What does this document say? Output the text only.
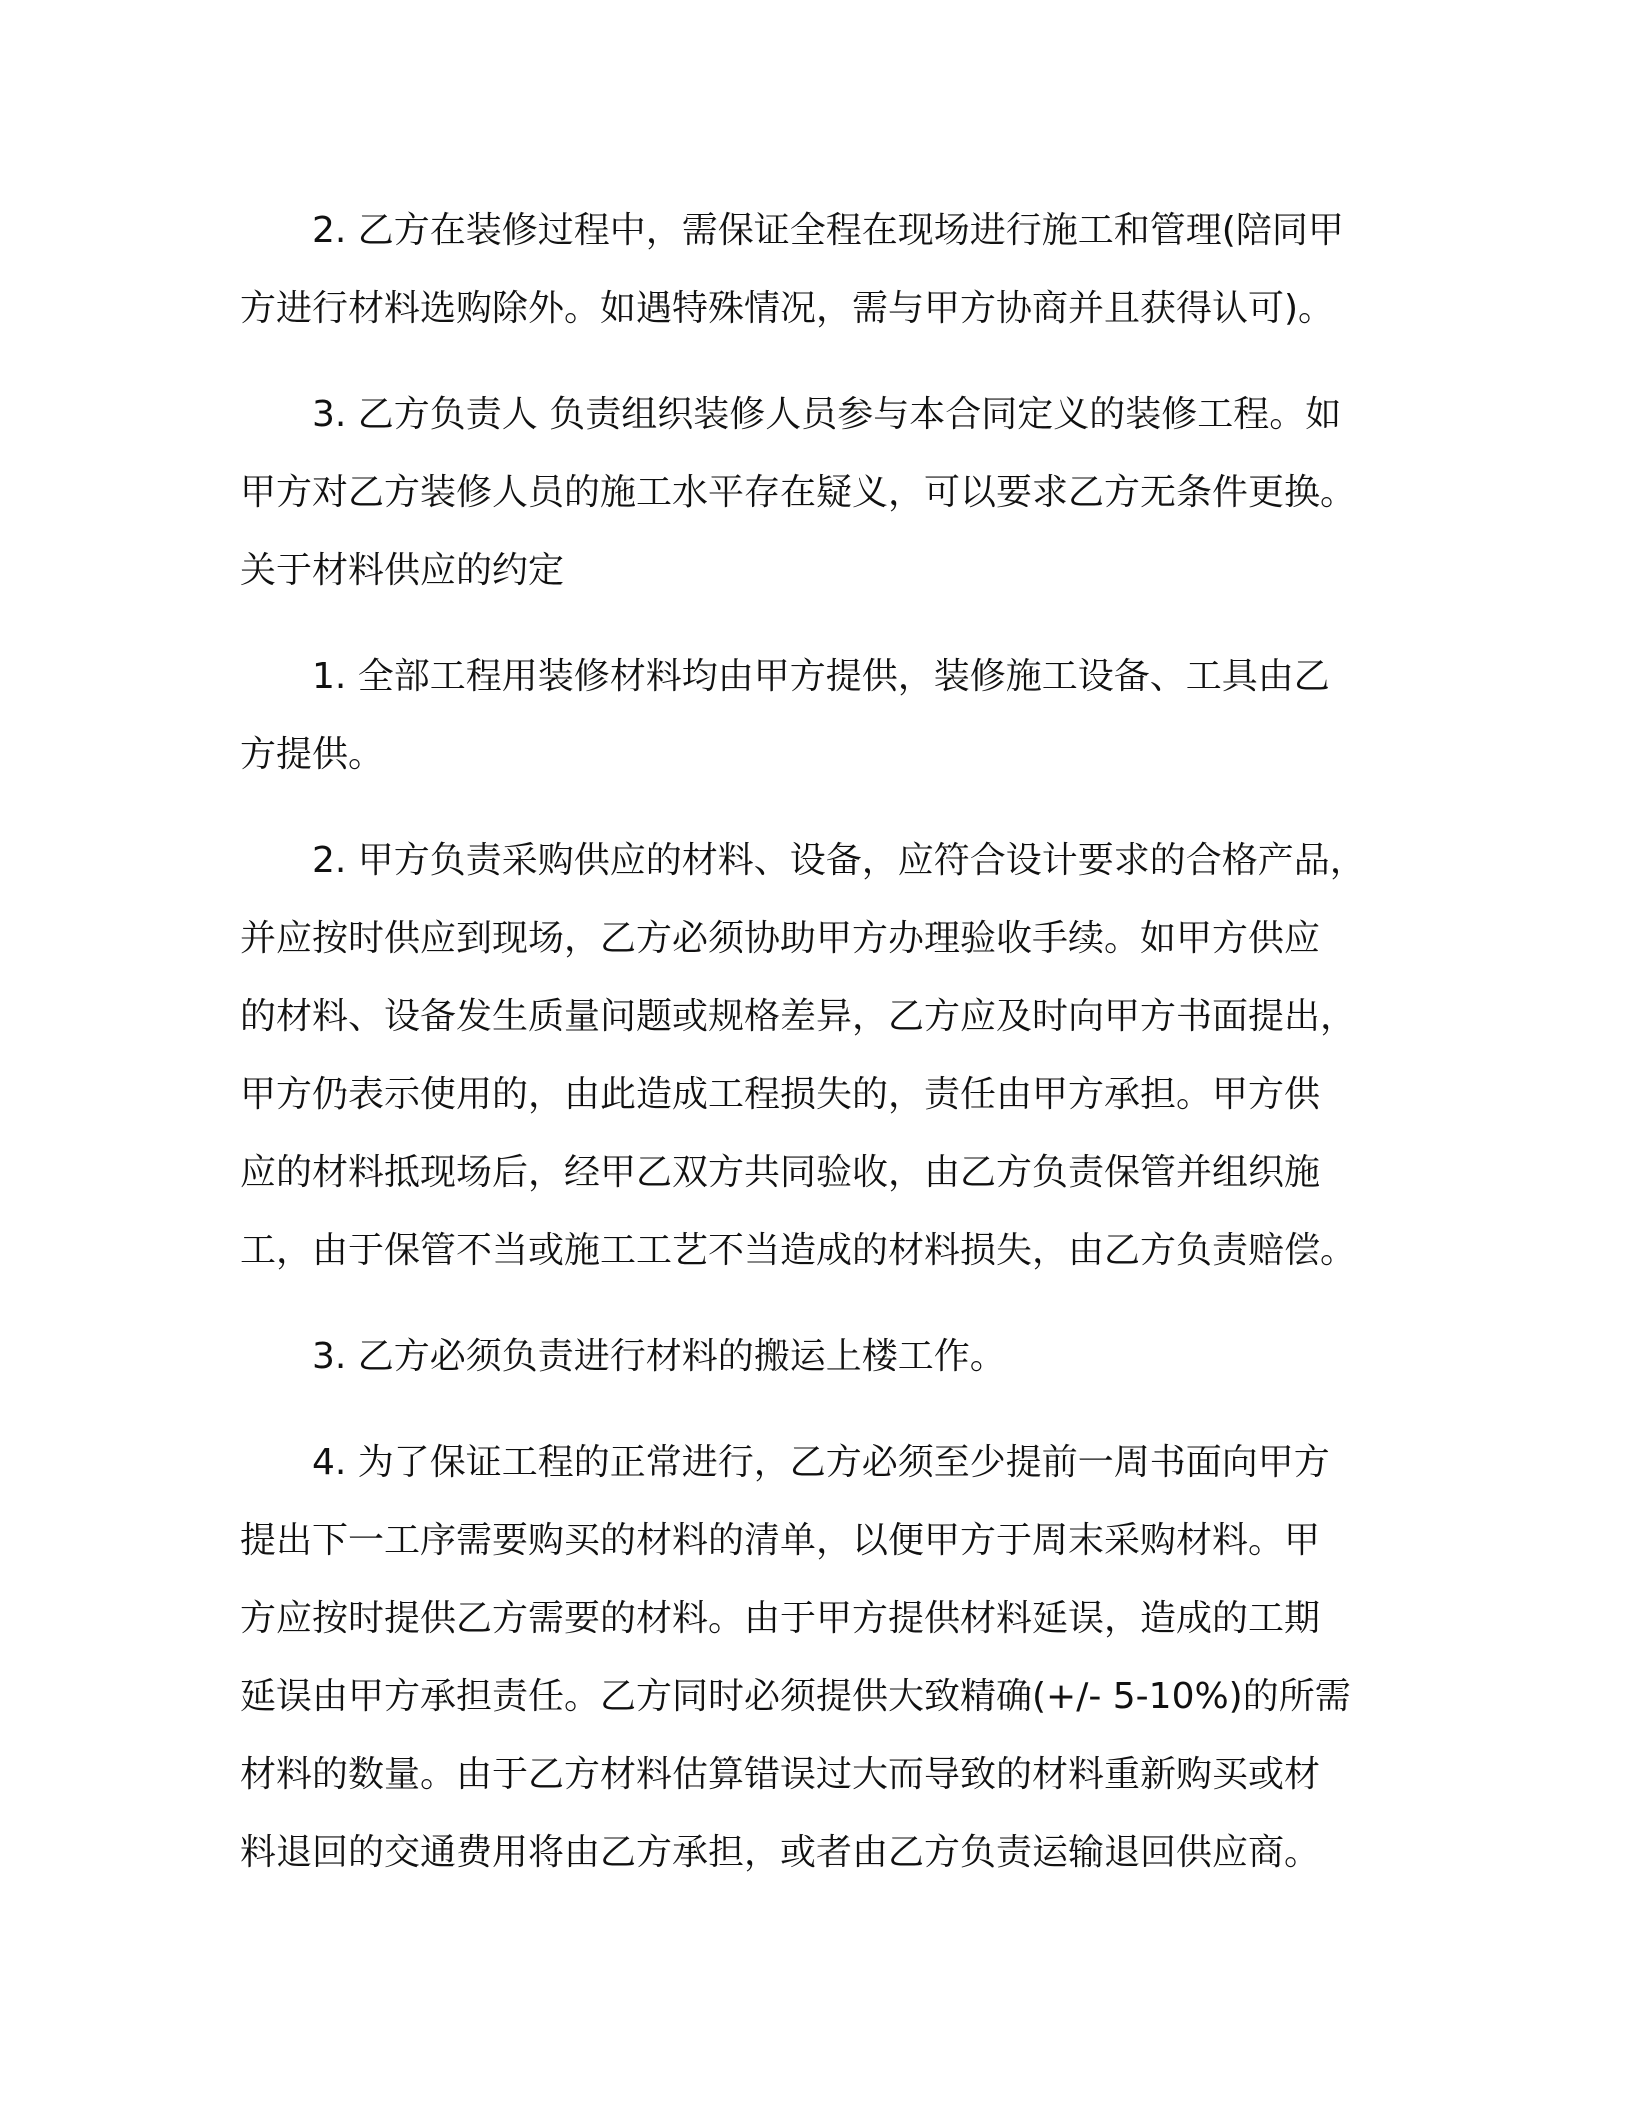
2. 乙方在装修过程中，需保证全程在现场进行施工和管理(陪同甲
方进行材料选购除外。如遇特殊情况，需与甲方协商并且获得认可)。
3. 乙方负责人 负责组织装修人员参与本合同定义的装修工程。如
甲方对乙方装修人员的施工水平存在疑义，可以要求乙方无条件更换。
关于材料供应的约定
1. 全部工程用装修材料均由甲方提供，装修施工设备、工具由乙
方提供。
2. 甲方负责采购供应的材料、设备，应符合设计要求的合格产品，
并应按时供应到现场，乙方必须协助甲方办理验收手续。如甲方供应
的材料、设备发生质量问题或规格差异，乙方应及时向甲方书面提出，
甲方仍表示使用的，由此造成工程损失的，责任由甲方承担。甲方供
应的材料抵现场后，经甲乙双方共同验收，由乙方负责保管并组织施
工，由于保管不当或施工工艺不当造成的材料损失，由乙方负责赔偿。
3. 乙方必须负责进行材料的搬运上楼工作。
4. 为了保证工程的正常进行，乙方必须至少提前一周书面向甲方
提出下一工序需要购买的材料的清单，以便甲方于周末采购材料。甲
方应按时提供乙方需要的材料。由于甲方提供材料延误，造成的工期
延误由甲方承担责任。乙方同时必须提供大致精确(+/- 5-10%)的所需
材料的数量。由于乙方材料估算错误过大而导致的材料重新购买或材
料退回的交通费用将由乙方承担，或者由乙方负责运输退回供应商。
